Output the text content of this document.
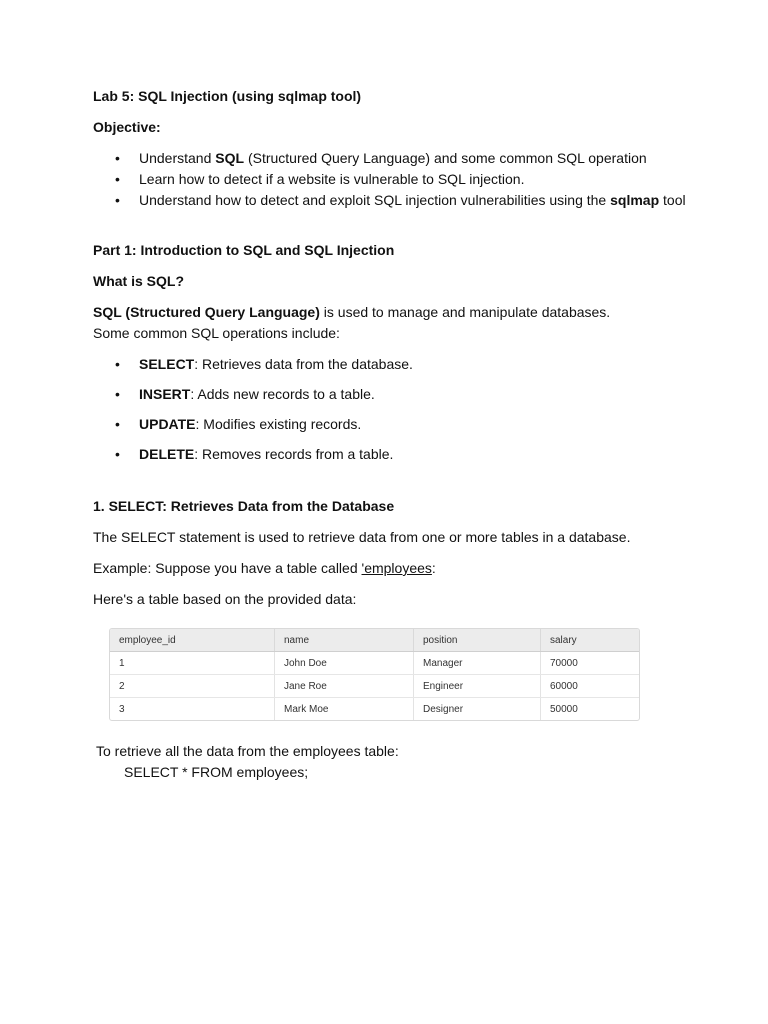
Lab 5: SQL Injection (using sqlmap tool)

Objective:

• Understand SQL (Structured Query Language) and some common SQL operation
• Learn how to detect if a website is vulnerable to SQL injection.
• Understand how to detect and exploit SQL injection vulnerabilities using the sqlmap tool

Part 1: Introduction to SQL and SQL Injection

What is SQL?

SQL (Structured Query Language) is used to manage and manipulate databases.

Some common SQL operations include:

• SELECT: Retrieves data from the database.
• INSERT: Adds new records to a table.
• UPDATE: Modifies existing records.
• DELETE: Removes records from a table.

1. SELECT: Retrieves Data from the Database

The SELECT statement is used to retrieve data from one or more tables in a database.

Example: Suppose you have a table called 'employees:

Here's a table based on the provided data:

employee_id	name	position	salary
1	John Doe	Manager	70000
2	Jane Roe	Engineer	60000
3	Mark Moe	Designer	50000

To retrieve all the data from the employees table:

SELECT * FROM employees;
